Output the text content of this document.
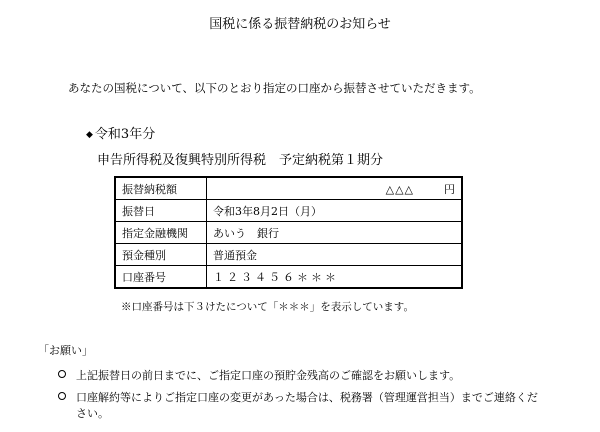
国税に係る振替納税のお知らせ
あなたの国税について、以下のとおり指定の口座から振替させていただきます。
◆ 令和3年分
申告所得税及復興特別所得税　予定納税第１期分
振替納税額	△△△ 円
振替日	令和3年8月2日（月）
指定金融機関	あいう　銀行
預金種別	普通預金
口座番号	１２３４５６＊＊＊
※口座番号は下３けたについて「＊＊＊」を表示しています。
「お願い」
上記振替日の前日までに、ご指定口座の預貯金残高のご確認をお願いします。
口座解約等によりご指定口座の変更があった場合は、税務署（管理運営担当）までご連絡くだ
さい。
